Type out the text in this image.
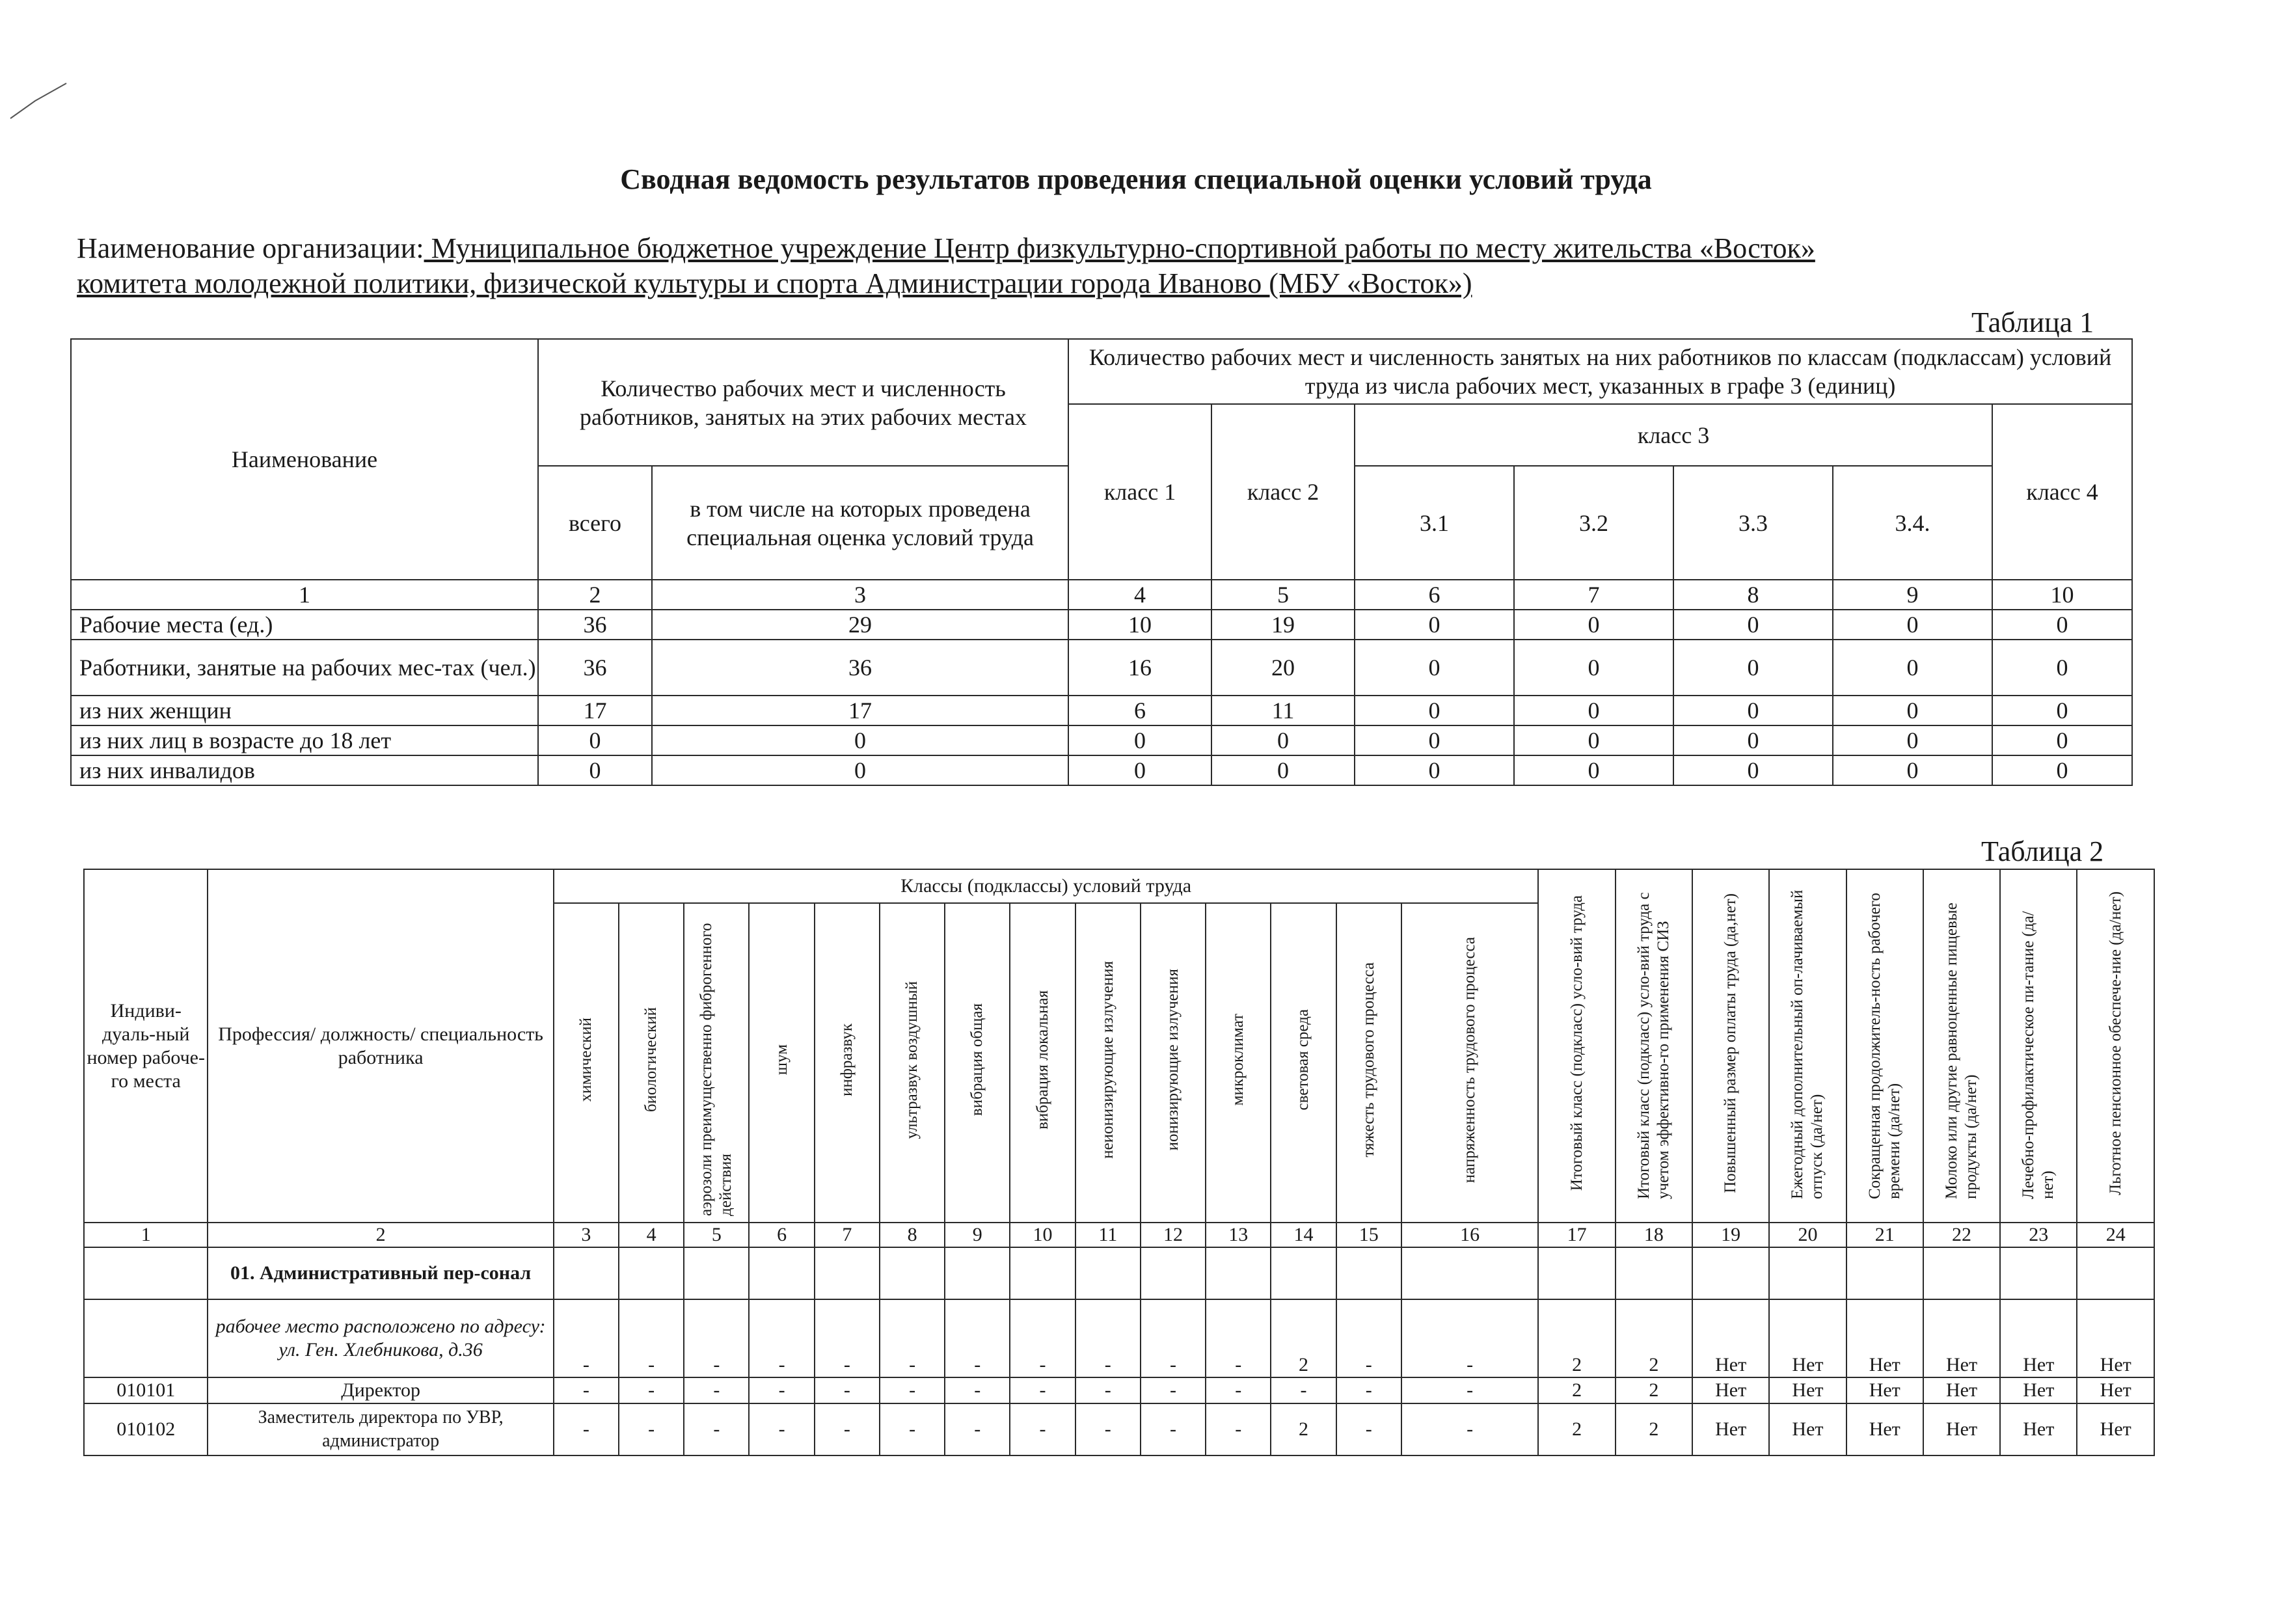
Сводная ведомость результатов проведения специальной оценки условий труда
Наименование организации: Муниципальное бюджетное учреждение Центр физкультурно-спортивной работы по месту жительства «Восток»
комитета молодежной политики, физической культуры и спорта Администрации города Иваново (МБУ «Восток»)
Таблица 1
Наименование	Количество рабочих мест и численность работников, занятых на этих рабочих местах		Количество рабочих мест и численность занятых на них работников по классам (подклассам) условий труда из числа рабочих мест, указанных в графе 3 (единиц)						
			класс 1	класс 2	класс 3				класс 4
	всего	в том числе на которых проведена специальная оценка условий труда			3.1	3.2	3.3	3.4.	
1	2	3	4	5	6	7	8	9	10
Рабочие места (ед.)	36	29	10	19	0	0	0	0	0
Работники, занятые на рабочих мес-тах (чел.)	36	36	16	20	0	0	0	0	0
из них женщин	17	17	6	11	0	0	0	0	0
из них лиц в возрасте до 18 лет	0	0	0	0	0	0	0	0	0
из них инвалидов	0	0	0	0	0	0	0	0	0
Таблица 2
Индиви-дуаль-ный номер рабоче-го места	Профессия/ должность/ специальность работника	Классы (подклассы) условий труда														Итоговый класс (подкласс) усло-вий труда	Итоговый класс (подкласс) усло-вий труда с учетом эффективно-го применения СИЗ	Повышенный размер оплаты труда (да,нет)	Ежегодный дополнительный оп-лачиваемый отпуск (да/нет)	Сокращенная продолжитель-ность рабочего времени (да/нет)	Молоко или другие равноценные пищевые продукты (да/нет)	Лечебно-профилактическое пи-тание (да/нет)	Льготное пенсионное обеспече-ние (да/нет)
		химический	биологический	аэрозоли преимущественно фиброгенного действия	шум	инфразвук	ультразвук воздушный	вибрация общая	вибрация локальная	неионизирующие излучения	ионизирующие излучения	микроклимат	световая среда	тяжесть трудового процесса	напряженность трудового процесса								
1	2	3	4	5	6	7	8	9	10	11	12	13	14	15	16	17	18	19	20	21	22	23	24
	01. Административный пер-сонал																						
	рабочее место расположено по адресу: ул. Ген. Хлебникова, д.36	-	-	-	-	-	-	-	-	-	-	-	2	-	-	2	2	Нет	Нет	Нет	Нет	Нет	Нет
010101	Директор	-	-	-	-	-	-	-	-	-	-	-	-	-	-	2	2	Нет	Нет	Нет	Нет	Нет	Нет
010102	Заместитель директора по УВР, администратор	-	-	-	-	-	-	-	-	-	-	-	2	-	-	2	2	Нет	Нет	Нет	Нет	Нет	Нет
